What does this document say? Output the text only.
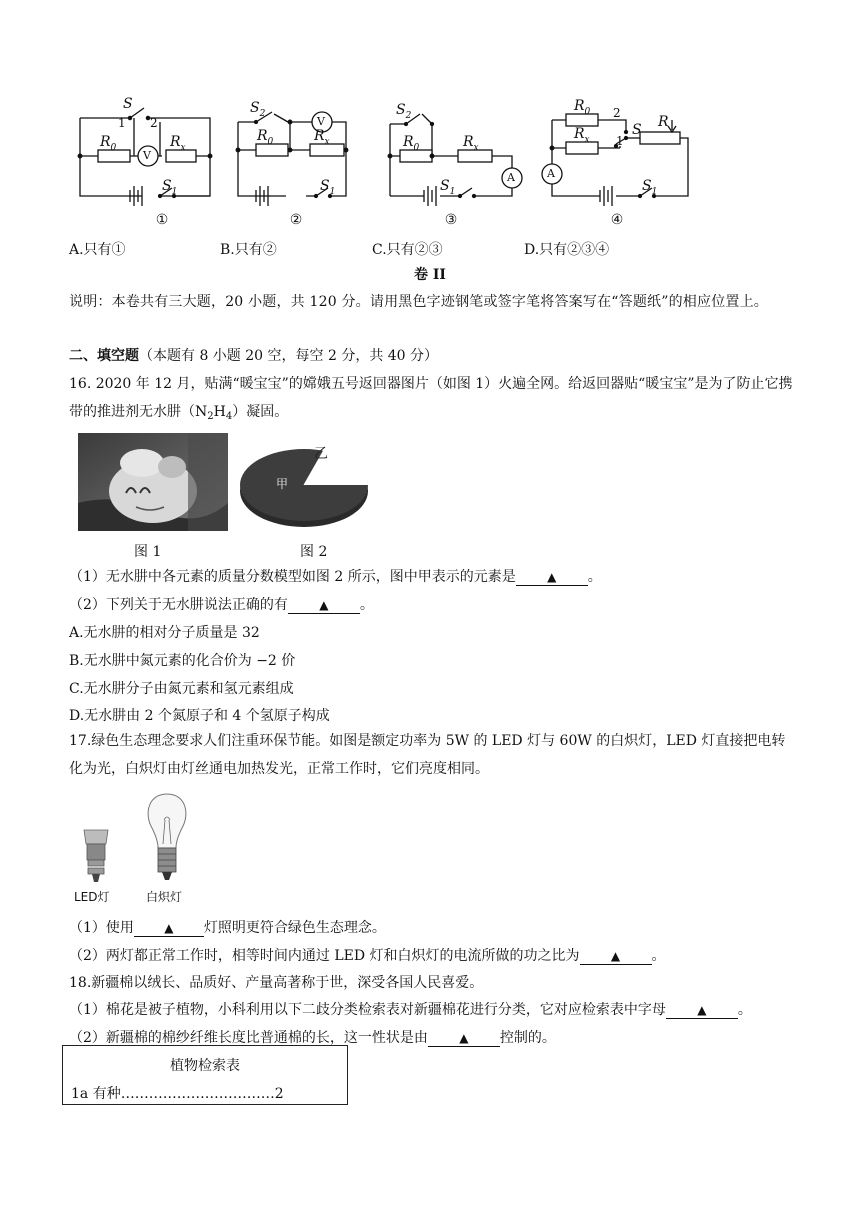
S
1 2
$R_0$
V
$R_x$
$S_1$
$S_2$
$R_0$
V
$R_x$
$S_1$
$S_2$
$R_0$	$R_x$
A
$S_1$
$R_0$ 2
S R
$R_x$ 1
A
$S_1$
①	②	③	④
A.只有①	B.只有②	C.只有②③	D.只有②③④
卷 II
说明：本卷共有三大题，20 小题，共 120 分。请用黑色字迹钢笔或签字笔将答案写在“答题纸”的相应位置上。
二、填空题（本题有 8 小题 20 空，每空 2 分，共 40 分）
16. 2020 年 12 月，贴满“暖宝宝”的嫦娥五号返回器图片（如图 1）火遍全网。给返回器贴“暖宝宝”是为了防止它携带的推进剂无水肼$(N_2H_4)$凝固。
乙
甲
图 1	图 2
（1）无水肼中各元素的质量分数模型如图 2 所示，图中甲表示的元素是	▲ 。
（2）下列关于无水肼说法正确的有	▲ 。
A.无水肼的相对分子质量是 32
B.无水肼中氮元素的化合价为 −2 价
C.无水肼分子由氮元素和氢元素组成
D.无水肼由 2 个氮原子和 4 个氢原子构成
17.绿色生态理念要求人们注重环保节能。如图是额定功率为 5W 的 LED 灯与 60W 的白炽灯，LED 灯直接把电转化为光，白炽灯由灯丝通电加热发光，正常工作时，它们亮度相同。
LED灯	白炽灯
（1）使用	▲ 灯照明更符合绿色生态理念。
（2）两灯都正常工作时，相等时间内通过 LED 灯和白炽灯的电流所做的功之比为	▲ 。
18.新疆棉以绒长、品质好、产量高著称于世，深受各国人民喜爱。
（1）棉花是被子植物，小科利用以下二歧分类检索表对新疆棉花进行分类，它对应检索表中字母	▲ 。
（2）新疆棉的棉纱纤维长度比普通棉的长，这一性状是由	▲ 控制的。
植物检索表
1a 有种……………………………2
